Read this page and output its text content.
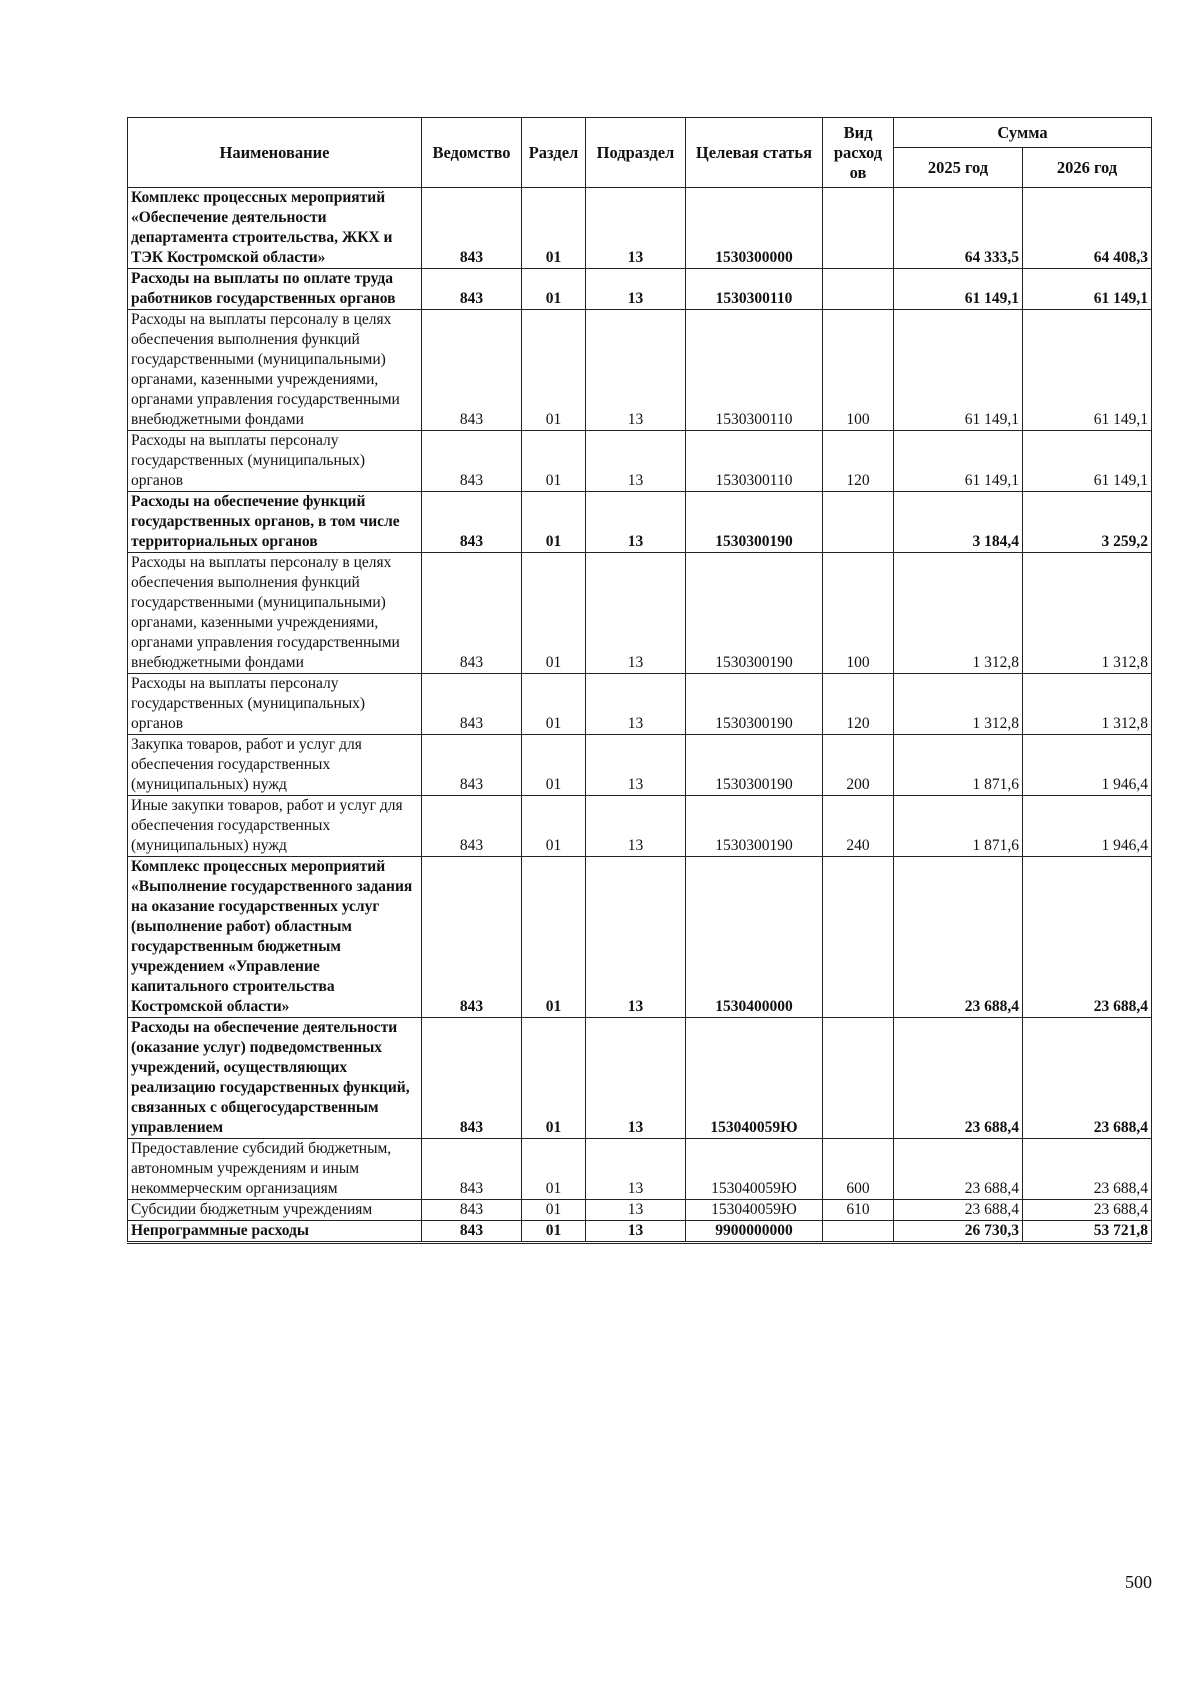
Наименование	Ведомство	Раздел	Подраздел	Целевая статья	Вид расход ов	Сумма	
						2025 год	2026 год
Комплекс процессных мероприятий «Обеспечение деятельности департамента строительства, ЖКХ и ТЭК Костромской области»	843	01	13	1530300000		64 333,5	64 408,3
Расходы на выплаты по оплате труда работников государственных органов	843	01	13	1530300110		61 149,1	61 149,1
Расходы на выплаты персоналу в целях обеспечения выполнения функций государственными (муниципальными) органами, казенными учреждениями, органами управления государственными внебюджетными фондами	843	01	13	1530300110	100	61 149,1	61 149,1
Расходы на выплаты персоналу государственных (муниципальных) органов	843	01	13	1530300110	120	61 149,1	61 149,1
Расходы на обеспечение функций государственных органов, в том числе территориальных органов	843	01	13	1530300190		3 184,4	3 259,2
Расходы на выплаты персоналу в целях обеспечения выполнения функций государственными (муниципальными) органами, казенными учреждениями, органами управления государственными внебюджетными фондами	843	01	13	1530300190	100	1 312,8	1 312,8
Расходы на выплаты персоналу государственных (муниципальных) органов	843	01	13	1530300190	120	1 312,8	1 312,8
Закупка товаров, работ и услуг для обеспечения государственных (муниципальных) нужд	843	01	13	1530300190	200	1 871,6	1 946,4
Иные закупки товаров, работ и услуг для обеспечения государственных (муниципальных) нужд	843	01	13	1530300190	240	1 871,6	1 946,4
Комплекс процессных мероприятий «Выполнение государственного задания на оказание государственных услуг (выполнение работ) областным государственным бюджетным учреждением «Управление капитального строительства Костромской области»	843	01	13	1530400000		23 688,4	23 688,4
Расходы на обеспечение деятельности (оказание услуг) подведомственных учреждений, осуществляющих реализацию государственных функций, связанных с общегосударственным управлением	843	01	13	153040059Ю		23 688,4	23 688,4
Предоставление субсидий бюджетным, автономным учреждениям и иным некоммерческим организациям	843	01	13	153040059Ю	600	23 688,4	23 688,4
Субсидии бюджетным учреждениям	843	01	13	153040059Ю	610	23 688,4	23 688,4
Непрограммные расходы	843	01	13	9900000000		26 730,3	53 721,8
500
